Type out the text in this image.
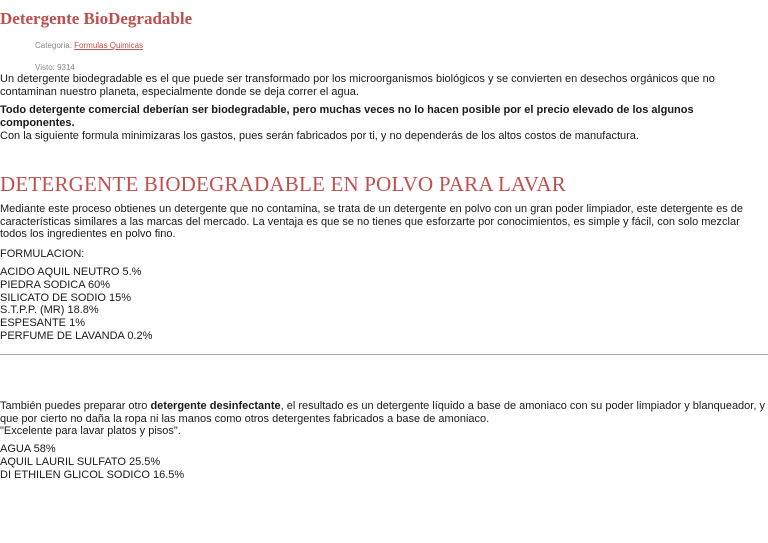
Detergente BioDegradable
Categoria: Formulas Quimicas
Visto: 9314

Un detergente biodegradable es el que puede ser transformado por los microorganismos biológicos y se convierten en desechos orgánicos que no contaminan nuestro planeta, especialmente donde se deja correr el agua.

Todo detergente comercial deberían ser biodegradable, pero muchas veces no lo hacen posible por el precio elevado de los algunos componentes.

Con la siguiente formula minimizaras los gastos, pues serán fabricados por ti, y no dependerás de los altos costos de manufactura.

DETERGENTE BIODEGRADABLE EN POLVO PARA LAVAR

Mediante este proceso obtienes un detergente que no contamina, se trata de un detergente en polvo con un gran poder limpiador, este detergente es de características similares a las marcas del mercado. La ventaja es que se no tienes que esforzarte por conocimientos, es simple y fácil, con solo mezclar todos los ingredientes en polvo fino.

FORMULACION:

ACIDO AQUIL NEUTRO 5.%
PIEDRA SODICA 60%
SILICATO DE SODIO 15%
S.T.P.P. (MR) 18.8%
ESPESANTE 1%
PERFUME DE LAVANDA 0.2%

También puedes preparar otro detergente desinfectante, el resultado es un detergente líquido a base de amoniaco con su poder limpiador y blanqueador, y que por cierto no daña la ropa ni las manos como otros detergentes fabricados a base de amoniaco.
"Excelente para lavar platos y pisos".

AGUA 58%
AQUIL LAURIL SULFATO 25.5%
DI ETHILEN GLICOL SODICO 16.5%
